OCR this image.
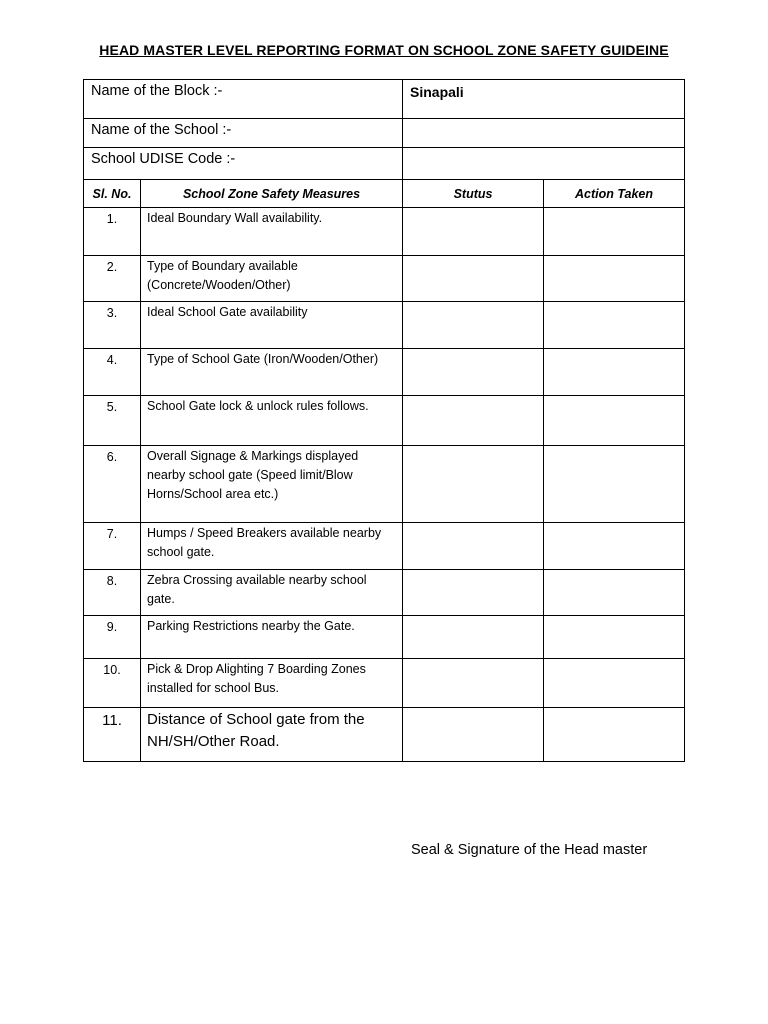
HEAD MASTER LEVEL REPORTING FORMAT ON SCHOOL ZONE SAFETY GUIDEINE
Name of the Block :-		Sinapali	
Name of the School :-			
School UDISE Code :-			
Sl. No.	School Zone Safety Measures	Stutus	Action Taken
1.	Ideal Boundary Wall availability.		
2.	Type of Boundary available (Concrete/Wooden/Other)		
3.	Ideal School Gate availability		
4.	Type of School Gate (Iron/Wooden/Other)		
5.	School Gate lock & unlock rules follows.		
6.	Overall Signage & Markings displayed nearby school gate (Speed limit/Blow Horns/School area etc.)		
7.	Humps / Speed Breakers available nearby school gate.		
8.	Zebra Crossing available nearby school gate.		
9.	Parking Restrictions nearby the Gate.		
10.	Pick & Drop Alighting 7 Boarding Zones installed for school Bus.		
11.	Distance of School gate from the NH/SH/Other Road.		
Seal & Signature of the Head master
